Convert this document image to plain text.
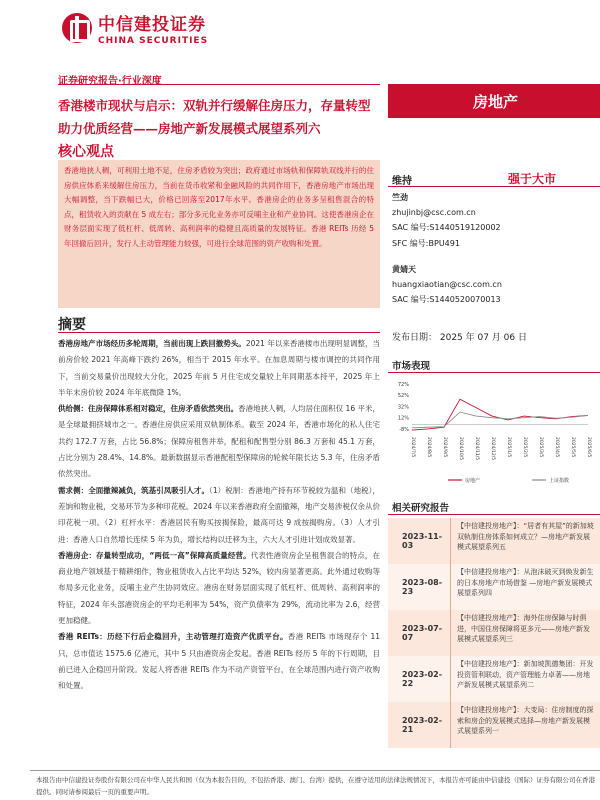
中信建投证券
CHINA SECURITIES
证券研究报告·行业深度
香港楼市现状与启示：双轨并行缓解住房压力，存量转型助力优质经营——房地产新发展模式展望系列六
核心观点
房地产
香港地狭人稠，可利用土地不足，住房矛盾较为突出；政府通过市场轨和保障轨双线并行的住房供应体系来缓解住房压力，当前在货币收紧和金融风险的共同作用下，香港房地产市场出现大幅调整，当下跌幅已大，价格已回落至2017年水平。香港房企的业务多呈租售混合的特点，租赁收入的贡献在 5 成左右；部分多元化业务亦可反哺主业和产业协同。这使香港房企在财务层面实现了低杠杆、低周转、高利润率的稳健且高质量的发展特征。香港 REITs 历经 5 年回撤后回升，发行人主动管理能力较强，可进行全球范围的资产收购和处置。
摘要

香港房地产市场经历多轮周期，当前出现上跌回撤势头。2021 年以来香港楼市出现明显调整，当前房价较 2021 年高峰下跌约 26%，相当于 2015 年水平。在加息周期与楼市调控的共同作用下，当前交易量价出现较大分化，2025 年前 5 月住宅成交量较上年同期基本持平，2025 年上半年末房价较 2024 年年底微降 1%。

供给侧：住房保障体系相对稳定，住房矛盾依然突出。香港地狭人稠，人均居住面积仅 16 平米，是全球最拥挤城市之一。香港住房供应采用双轨制体系。截至 2024 年，香港市场化的私人住宅共约 172.7 万套，占比 56.8%；保障房租售并举，配租和配售型分别 86.3 万套和 45.1 万套，占比分别为 28.4%、14.8%。最新数据显示香港配租型保障房的轮候年限长达 5.3 年，住房矛盾依然突出。

需求侧：全面撤辣减负，筑基引凤吸引人才。（1）税制：香港地产持有环节税较为温和（地税），差饷和物业税，交易环节为多种印花税。2024 年以来香港政府全面撤辣，地产交易涉税仅余从价印花税一项。（2）杠杆水平：香港居民有购买按揭保险，最高可达 9 成按揭购房。（3）人才引进：香港人口自然增长连续 5 年为负，增长结构以迁移为主，六大人才引进计划成效显著。

香港房企：存量转型成功，“两低一高”保障高质量经营。代表性港资房企呈租售混合的特点，在商业地产领域基于精耕细作，物业租赁收入占比平均达 52%，较内房显著更高。此外通过收购等布局多元化业务，反哺主业产生协同效应。港房在财务层面实现了低杠杆、低周转、高利润率的特征，2024 年头部港资房企的平均毛利率为 54%，资产负债率为 29%，流动比率为 2.6，经营更加稳健。

香港 REITs：历经下行后企稳回升，主动管理打造资产优质平台。香港 REITs 市场现存个 11 只，总市值达 1575.6 亿港元，其中 5 只由港资房企发起。香港 REITs 经历 5 年的下行周期，目前已进入企稳回升阶段。发起人将香港 REITs 作为不动产资管平台，在全球范围内进行资产收购和处置。

维持	强于大市
竺劲
zhujinbj@csc.com.cn
SAC 编号:S1440519120002
SFC 编号:BPU491
黄婧天
huangxiaotian@csc.com.cn
SAC 编号:S1440520070013
发布日期： 2025 年 07 月 06 日
市场表现
72%
52%
32%
12%
-8%
2024/7/5 2024/8/5 2024/9/5 2024/10/5 2024/11/5 2024/12/5 2025/1/5 2025/2/5 2025/3/5 2025/4/5 2025/5/5 2025/6/5
房地产	上证指数
相关研究报告
2023-11-03
【中信建投房地产】：“居者有其屋”的新加坡双轨制住房体系如何成立？—房地产新发展模式展望系列五
2023-08-23
【中信建投房地产】：从泡沫破灭到焕发新生的日本房地产市场借鉴 —房地产新发展模式展望系列四
2023-07-07
【中信建投房地产】：海外住房保障与时俱进，中国住房保障将更多元——房地产新发展模式展望系列三
2023-02-22
【中信建投房地产】：新加坡凯德集团：开发投资管利联动，资产管理能力卓著——房地产新发展模式展望系列二
2023-02-21
【中信建投房地产】：大变局：住房制度的探索和房企的发展模式选择—房地产新发展模式展望系列一
本报告由中信建投证券股份有限公司在中华人民共和国（仅为本报告目的，不包括香港、澳门、台湾）提供，在遵守适用的法律法规情况下，本报告亦可能由中信建投（国际）证券有限公司在香港提供。同时请参阅最后一页的重要声明。
